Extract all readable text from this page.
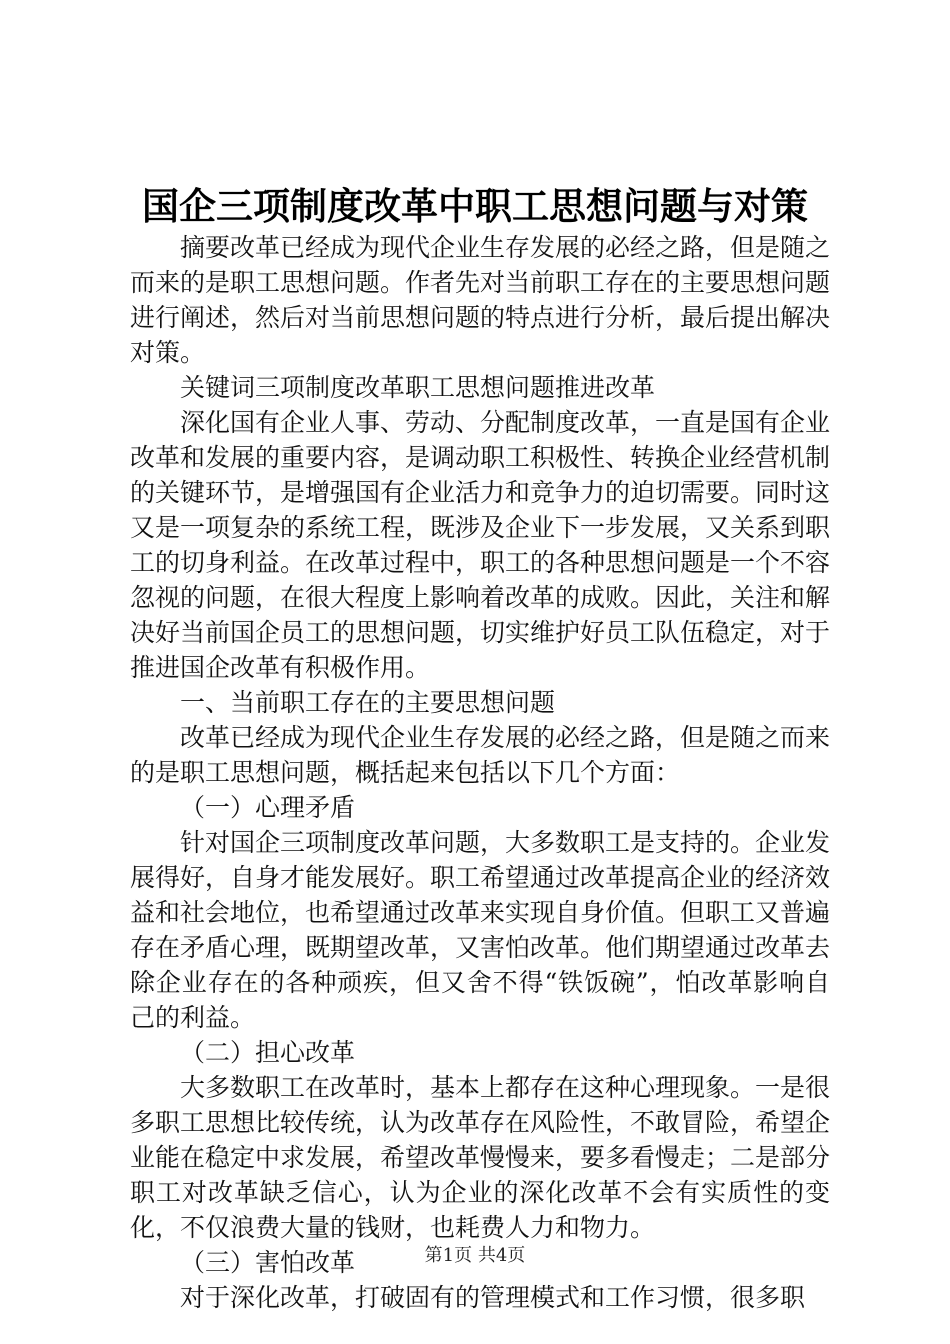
国企三项制度改革中职工思想问题与对策

摘要改革已经成为现代企业生存发展的必经之路，但是随之而来的是职工思想问题。作者先对当前职工存在的主要思想问题进行阐述，然后对当前思想问题的特点进行分析，最后提出解决对策。

关键词三项制度改革职工思想问题推进改革

深化国有企业人事、劳动、分配制度改革，一直是国有企业改革和发展的重要内容，是调动职工积极性、转换企业经营机制的关键环节，是增强国有企业活力和竞争力的迫切需要。同时这又是一项复杂的系统工程，既涉及企业下一步发展，又关系到职工的切身利益。在改革过程中，职工的各种思想问题是一个不容忽视的问题，在很大程度上影响着改革的成败。因此，关注和解决好当前国企员工的思想问题，切实维护好员工队伍稳定，对于推进国企改革有积极作用。

一、当前职工存在的主要思想问题

改革已经成为现代企业生存发展的必经之路，但是随之而来的是职工思想问题，概括起来包括以下几个方面：

（一）心理矛盾

针对国企三项制度改革问题，大多数职工是支持的。企业发展得好，自身才能发展好。职工希望通过改革提高企业的经济效益和社会地位，也希望通过改革来实现自身价值。但职工又普遍存在矛盾心理，既期望改革，又害怕改革。他们期望通过改革去除企业存在的各种顽疾，但又舍不得“铁饭碗”，怕改革影响自己的利益。

（二）担心改革

大多数职工在改革时，基本上都存在这种心理现象。一是很多职工思想比较传统，认为改革存在风险性，不敢冒险，希望企业能在稳定中求发展，希望改革慢慢来，要多看慢走；二是部分职工对改革缺乏信心，认为企业的深化改革不会有实质性的变化，不仅浪费大量的钱财，也耗费人力和物力。

（三）害怕改革

对于深化改革，打破固有的管理模式和工作习惯，很多职

第1页 共4页
